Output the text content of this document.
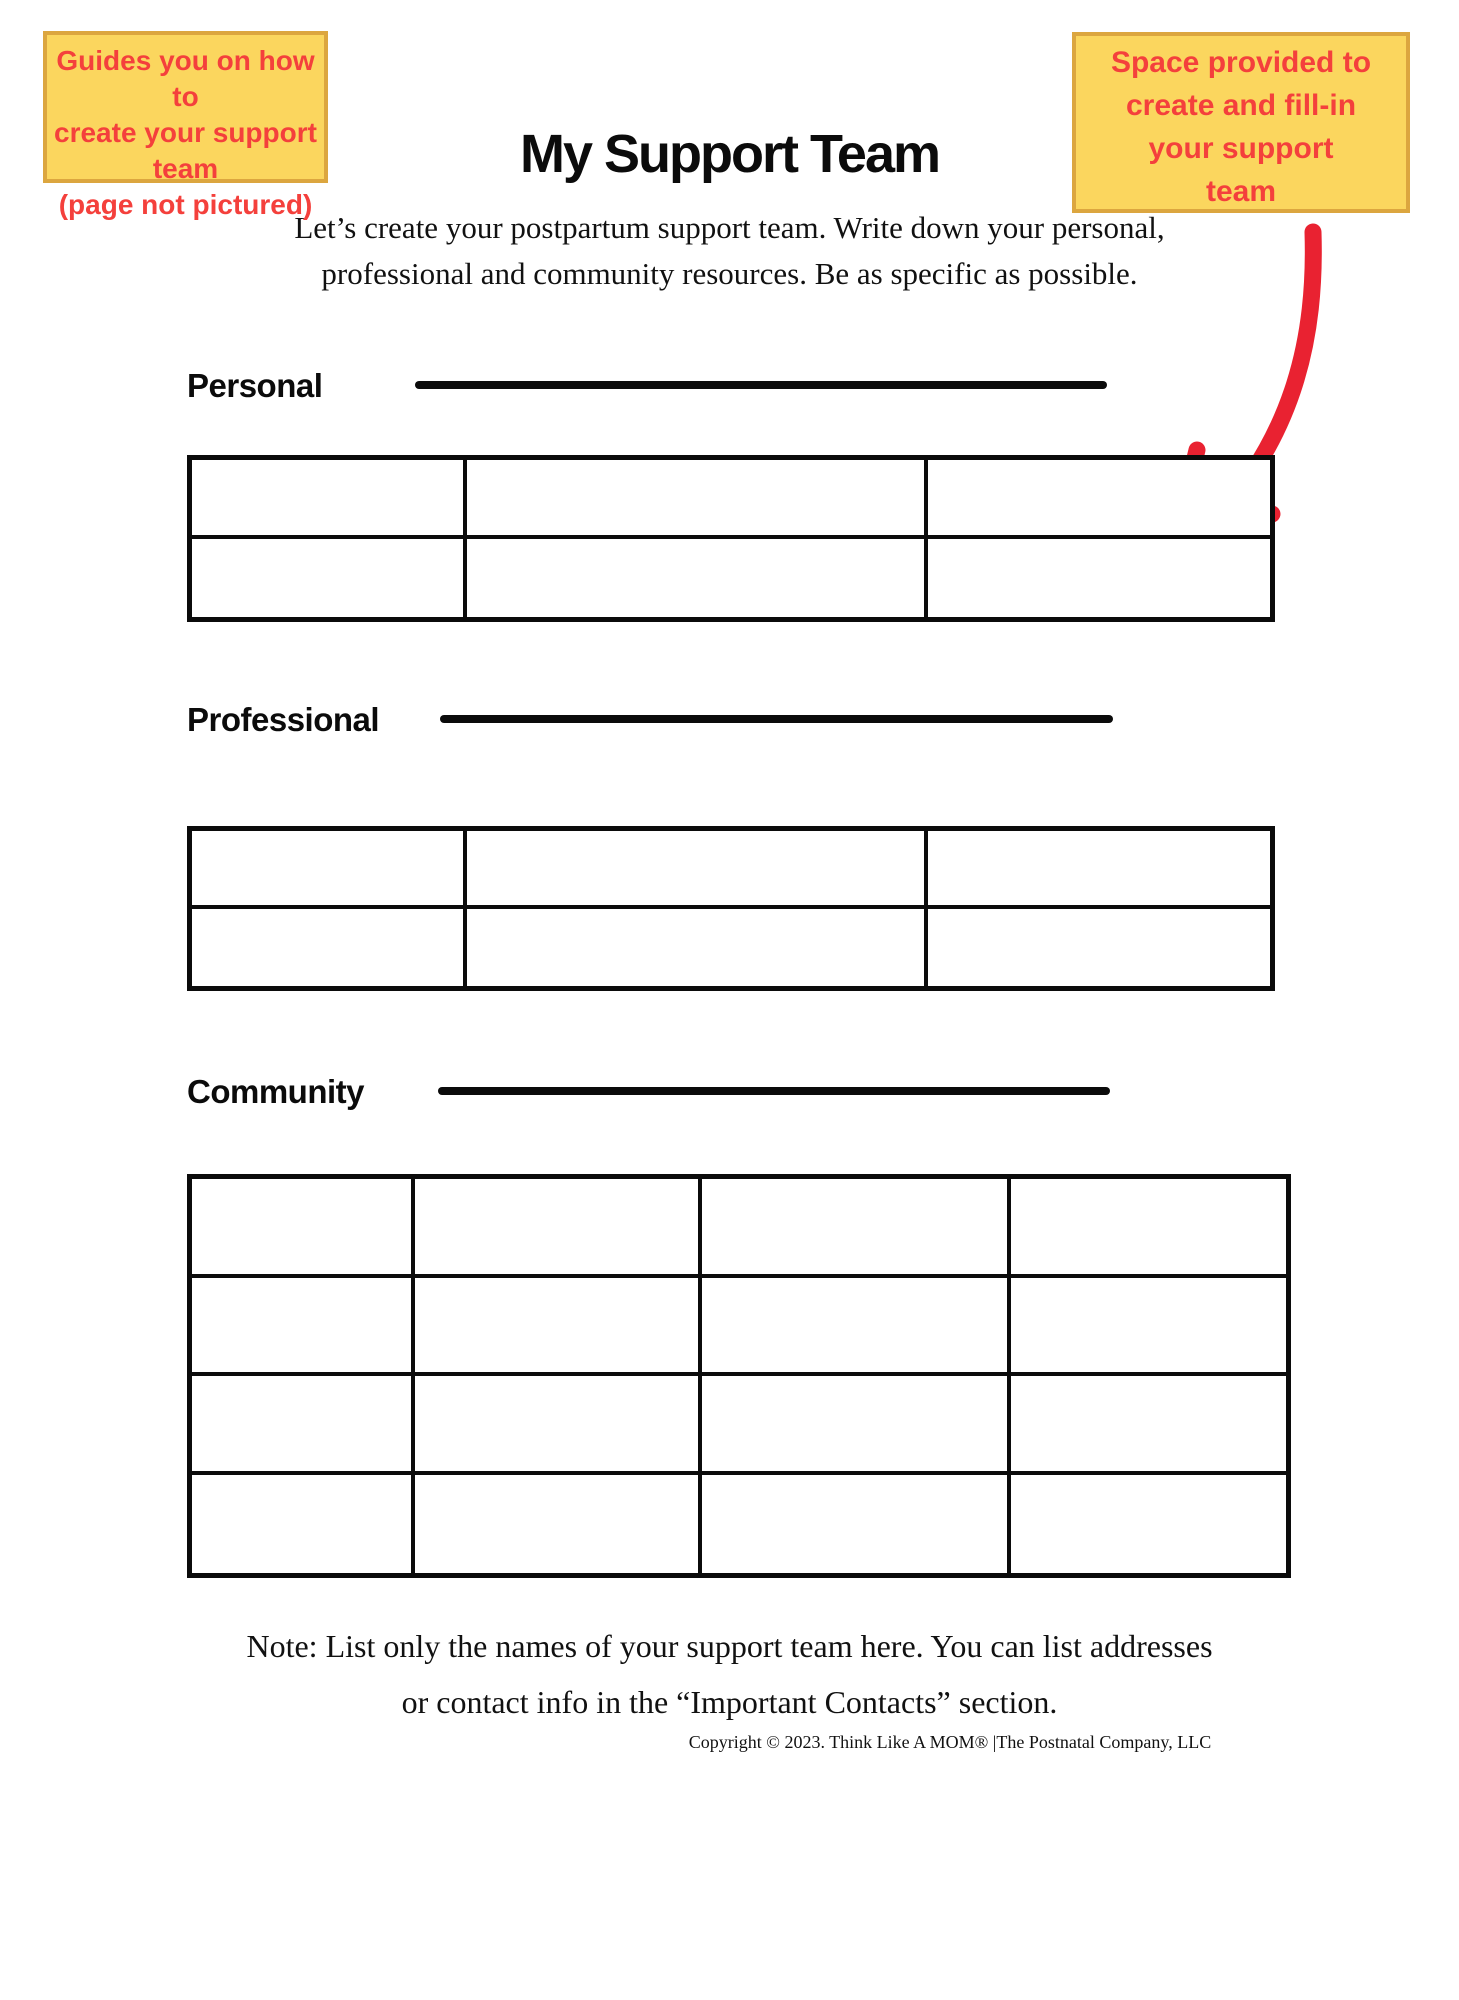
Guides you on how to
create your support
team
(page not pictured)
Space provided to
create and fill-in
your support
team
My Support Team
Let’s create your postpartum support team. Write down your personal,
professional and community resources. Be as specific as possible.
Personal
Professional
Community
Note: List only the names of your support team here. You can list addresses
or contact info in the “Important Contacts” section.
Copyright © 2023. Think Like A MOM® |The Postnatal Company, LLC
